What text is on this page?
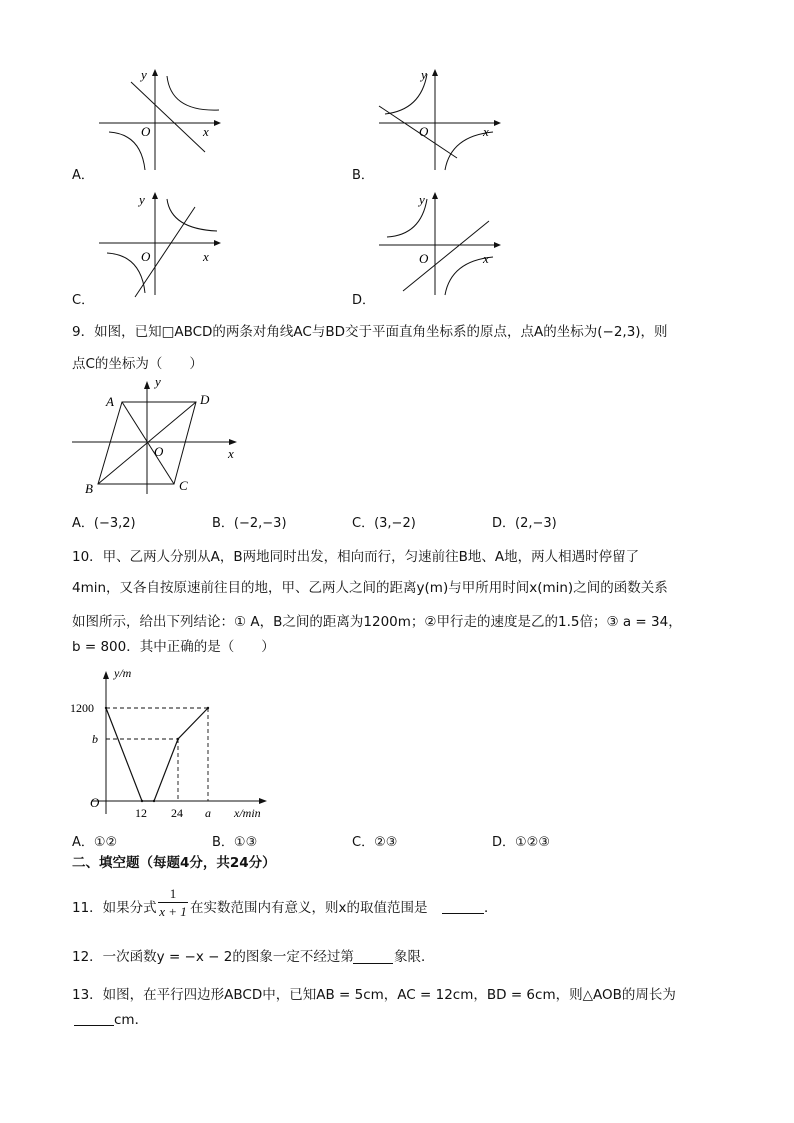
O	x
y
A．
O	x
y
B．
O	x
y
C．
O	x
y
D．
9．如图，已知□ABCD的两条对角线AC与BD交于平面直角坐标系的原点，点A的坐标为(−2,3)，则
点C的坐标为（　　）
A	D
B	C
O	x
y
A．(−3,2)	B．(−2,−3)	C．(3,−2)	D．(2,−3)
10．甲、乙两人分别从A，B两地同时出发，相向而行，匀速前往B地、A地，两人相遇时停留了
4min，又各自按原速前往目的地，甲、乙两人之间的距离y(m)与甲所用时间x(min)之间的函数关系
如图所示，给出下列结论：① A，B之间的距离为1200m；②甲行走的速度是乙的1.5倍；③ a = 34，
b = 800．其中正确的是（　　）
y/m
x/min
O
1200
b
12 24 a
A．①②	B．①③	C．②③	D．①②③
二、填空题（每题4分，共24分）
11．如果分式
1
x + 1 在实数范围内有意义，则x的取值范围是	．
12．一次函数y = −x − 2的图象一定不经过第	象限．
13．如图，在平行四边形ABCD中，已知AB = 5cm，AC = 12cm，BD = 6cm，则△AOB的周长为
cm．
